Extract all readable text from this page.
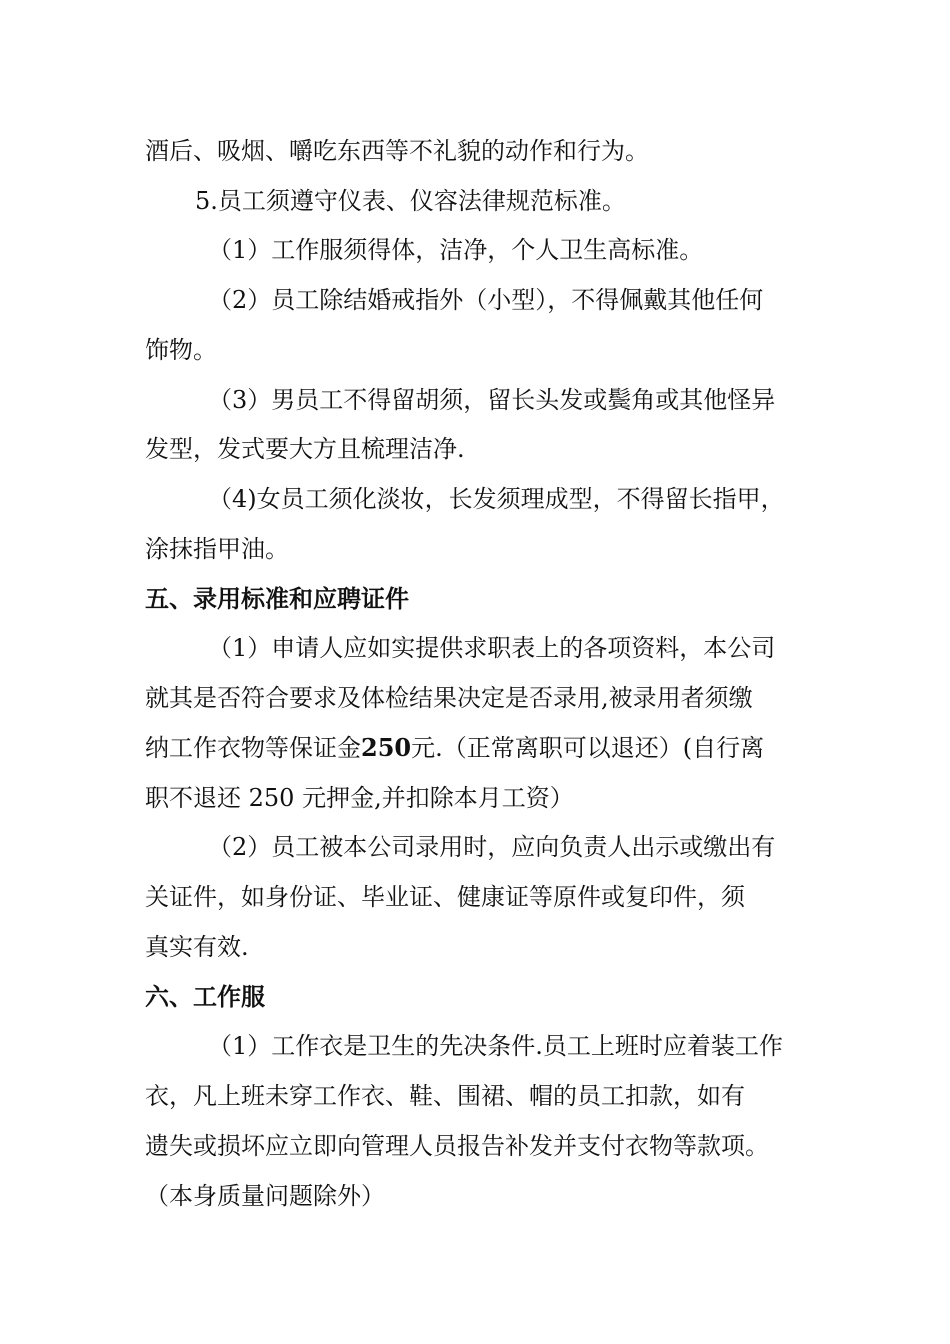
酒后、吸烟、嚼吃东西等不礼貌的动作和行为。
5.员工须遵守仪表、仪容法律规范标准。
（1）工作服须得体，洁净，个人卫生高标准。
（2）员工除结婚戒指外（小型），不得佩戴其他任何
饰物。
（3）男员工不得留胡须，留长头发或鬓角或其他怪异
发型，发式要大方且梳理洁净.
（4)女员工须化淡妆，长发须理成型，不得留长指甲，
涂抹指甲油。
五、录用标准和应聘证件
（1）申请人应如实提供求职表上的各项资料，本公司
就其是否符合要求及体检结果决定是否录用,被录用者须缴
纳工作衣物等保证金250元.（正常离职可以退还）(自行离
职不退还 250 元押金,并扣除本月工资）
（2）员工被本公司录用时，应向负责人出示或缴出有
关证件，如身份证、毕业证、健康证等原件或复印件，须
真实有效.
六、工作服
（1）工作衣是卫生的先决条件.员工上班时应着装工作
衣，凡上班未穿工作衣、鞋、围裙、帽的员工扣款，如有
遗失或损坏应立即向管理人员报告补发并支付衣物等款项。
（本身质量问题除外）
